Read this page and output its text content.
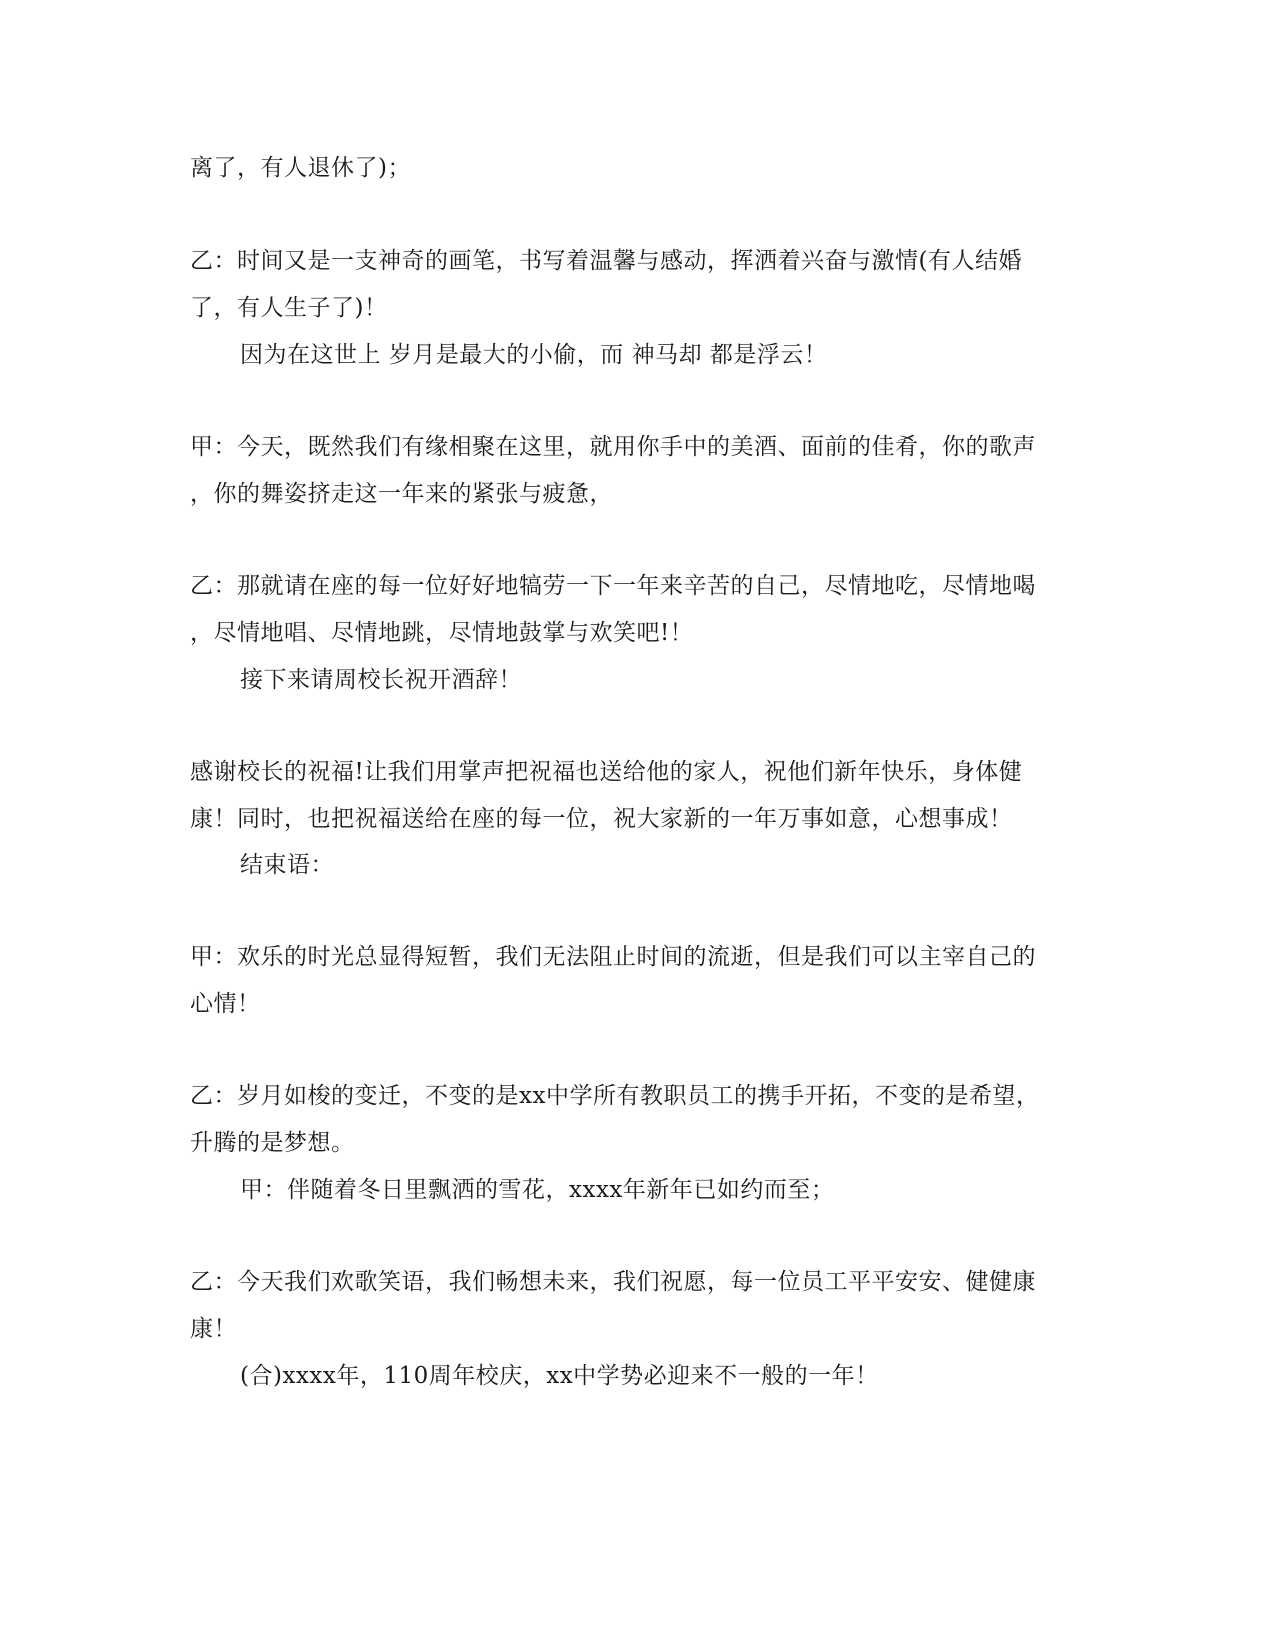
离了，有人退休了)；
乙：时间又是一支神奇的画笔，书写着温馨与感动，挥洒着兴奋与激情(有人结婚
了，有人生子了)！
因为在这世上 岁月是最大的小偷，而 神马却 都是浮云！
甲：今天，既然我们有缘相聚在这里，就用你手中的美酒、面前的佳肴，你的歌声
，你的舞姿挤走这一年来的紧张与疲惫，
乙：那就请在座的每一位好好地犒劳一下一年来辛苦的自己，尽情地吃，尽情地喝
，尽情地唱、尽情地跳，尽情地鼓掌与欢笑吧!！
接下来请周校长祝开酒辞！
感谢校长的祝福!让我们用掌声把祝福也送给他的家人，祝他们新年快乐，身体健
康！同时，也把祝福送给在座的每一位，祝大家新的一年万事如意，心想事成！
结束语：
甲：欢乐的时光总显得短暂，我们无法阻止时间的流逝，但是我们可以主宰自己的
心情！
乙：岁月如梭的变迁，不变的是xx中学所有教职员工的携手开拓，不变的是希望，
升腾的是梦想。
甲：伴随着冬日里飘洒的雪花，xxxx年新年已如约而至；
乙：今天我们欢歌笑语，我们畅想未来，我们祝愿，每一位员工平平安安、健健康
康！
(合)xxxx年，110周年校庆，xx中学势必迎来不一般的一年！
